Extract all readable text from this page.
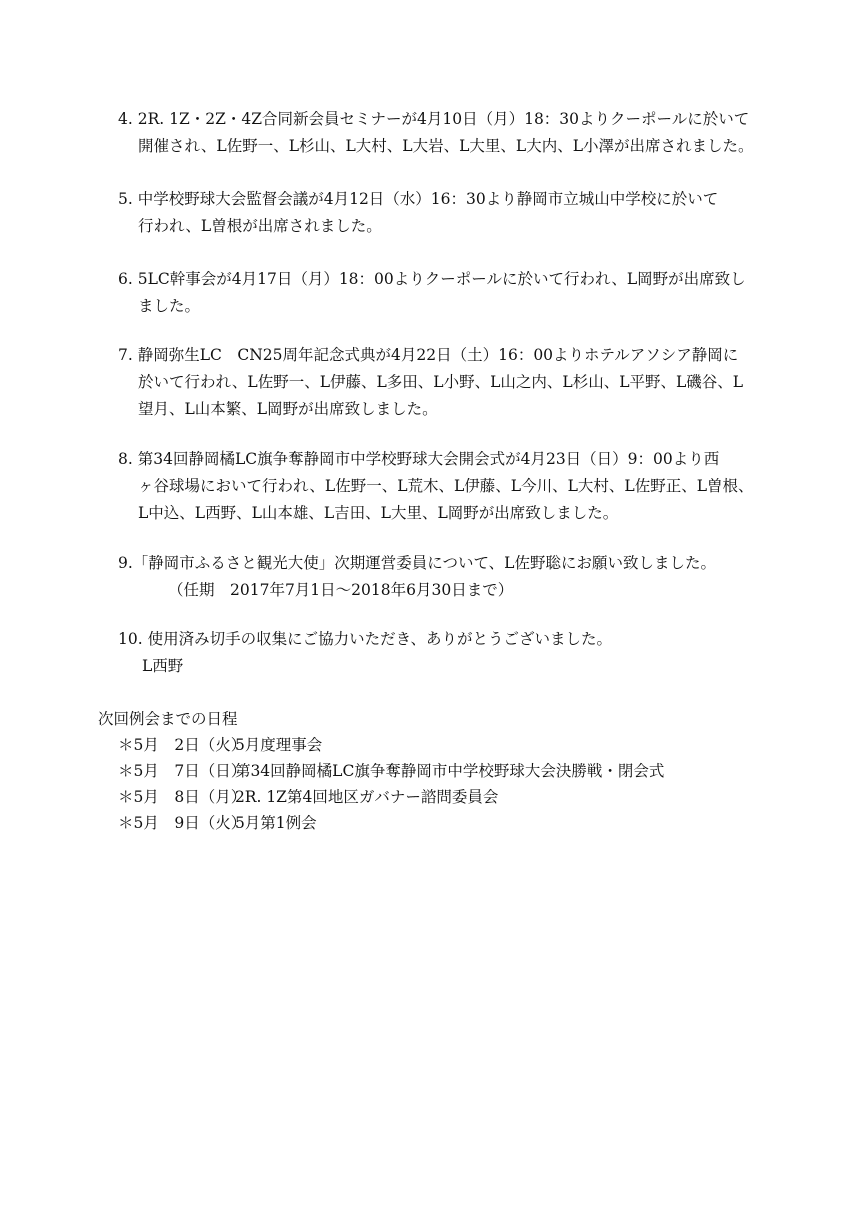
4. 2R. 1Z・2Z・4Z合同新会員セミナーが4月10日（月）18：30よりクーポールに於いて
開催され、L佐野一、L杉山、L大村、L大岩、L大里、L大内、L小澤が出席されました。
5. 中学校野球大会監督会議が4月12日（水）16：30より静岡市立城山中学校に於いて
行われ、L曽根が出席されました。
6. 5LC幹事会が4月17日（月）18：00よりクーポールに於いて行われ、L岡野が出席致し
ました。
7. 静岡弥生LC　CN25周年記念式典が4月22日（土）16：00よりホテルアソシア静岡に
於いて行われ、L佐野一、L伊藤、L多田、L小野、L山之内、L杉山、L平野、L磯谷、L
望月、L山本繁、L岡野が出席致しました。
8. 第34回静岡橘LC旗争奪静岡市中学校野球大会開会式が4月23日（日）9：00より西
ヶ谷球場において行われ、L佐野一、L荒木、L伊藤、L今川、L大村、L佐野正、L曽根、
L中込、L西野、L山本雄、L吉田、L大里、L岡野が出席致しました。
9.「静岡市ふるさと観光大使」次期運営委員について、L佐野聡にお願い致しました。
（任期　2017年7月1日～2018年6月30日まで）
10. 使用済み切手の収集にご協力いただき、ありがとうございました。
L西野
次回例会までの日程
＊5月　2日（火） 5月度理事会
＊5月　7日（日） 第34回静岡橘LC旗争奪静岡市中学校野球大会決勝戦・閉会式
＊5月　8日（月） 2R. 1Z第4回地区ガバナー諮問委員会
＊5月　9日（火） 5月第1例会
